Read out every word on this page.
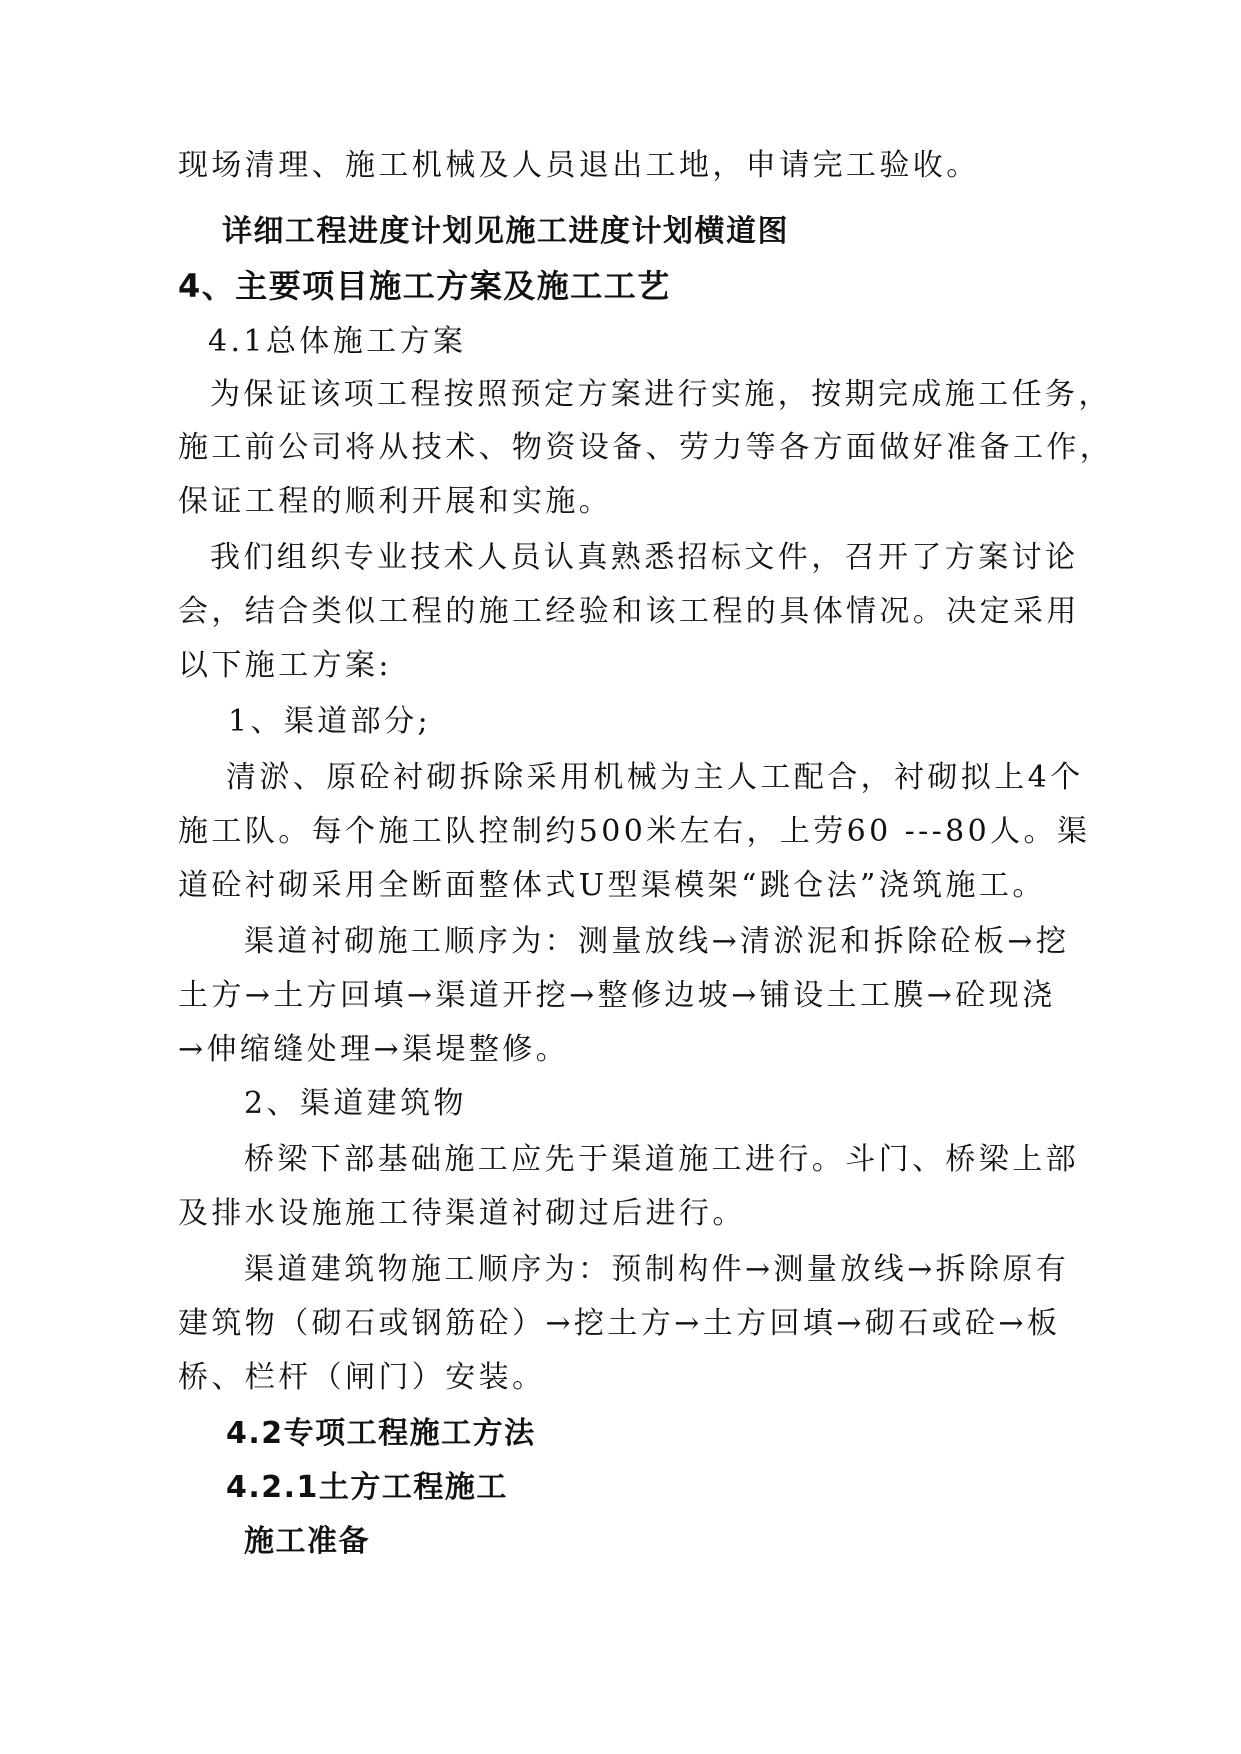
现场清理、施工机械及人员退出工地，申请完工验收。
详细工程进度计划见施工进度计划横道图
4、主要项目施工方案及施工工艺
4.1总体施工方案
为保证该项工程按照预定方案进行实施，按期完成施工任务，
施工前公司将从技术、物资设备、劳力等各方面做好准备工作，
保证工程的顺利开展和实施。
我们组织专业技术人员认真熟悉招标文件，召开了方案讨论
会，结合类似工程的施工经验和该工程的具体情况。决定采用
以下施工方案:
1、渠道部分;
清淤、原砼衬砌拆除采用机械为主人工配合，衬砌拟上4个
施工队。每个施工队控制约500米左右，上劳60 ---80人。渠
道砼衬砌采用全断面整体式U型渠模架“跳仓法”浇筑施工。
渠道衬砌施工顺序为：测量放线→清淤泥和拆除砼板→挖
土方→土方回填→渠道开挖→整修边坡→铺设土工膜→砼现浇
→伸缩缝处理→渠堤整修。
2、渠道建筑物
桥梁下部基础施工应先于渠道施工进行。斗门、桥梁上部
及排水设施施工待渠道衬砌过后进行。
渠道建筑物施工顺序为：预制构件→测量放线→拆除原有
建筑物（砌石或钢筋砼）→挖土方→土方回填→砌石或砼→板
桥、栏杆（闸门）安装。
4.2专项工程施工方法
4.2.1土方工程施工
施工准备
